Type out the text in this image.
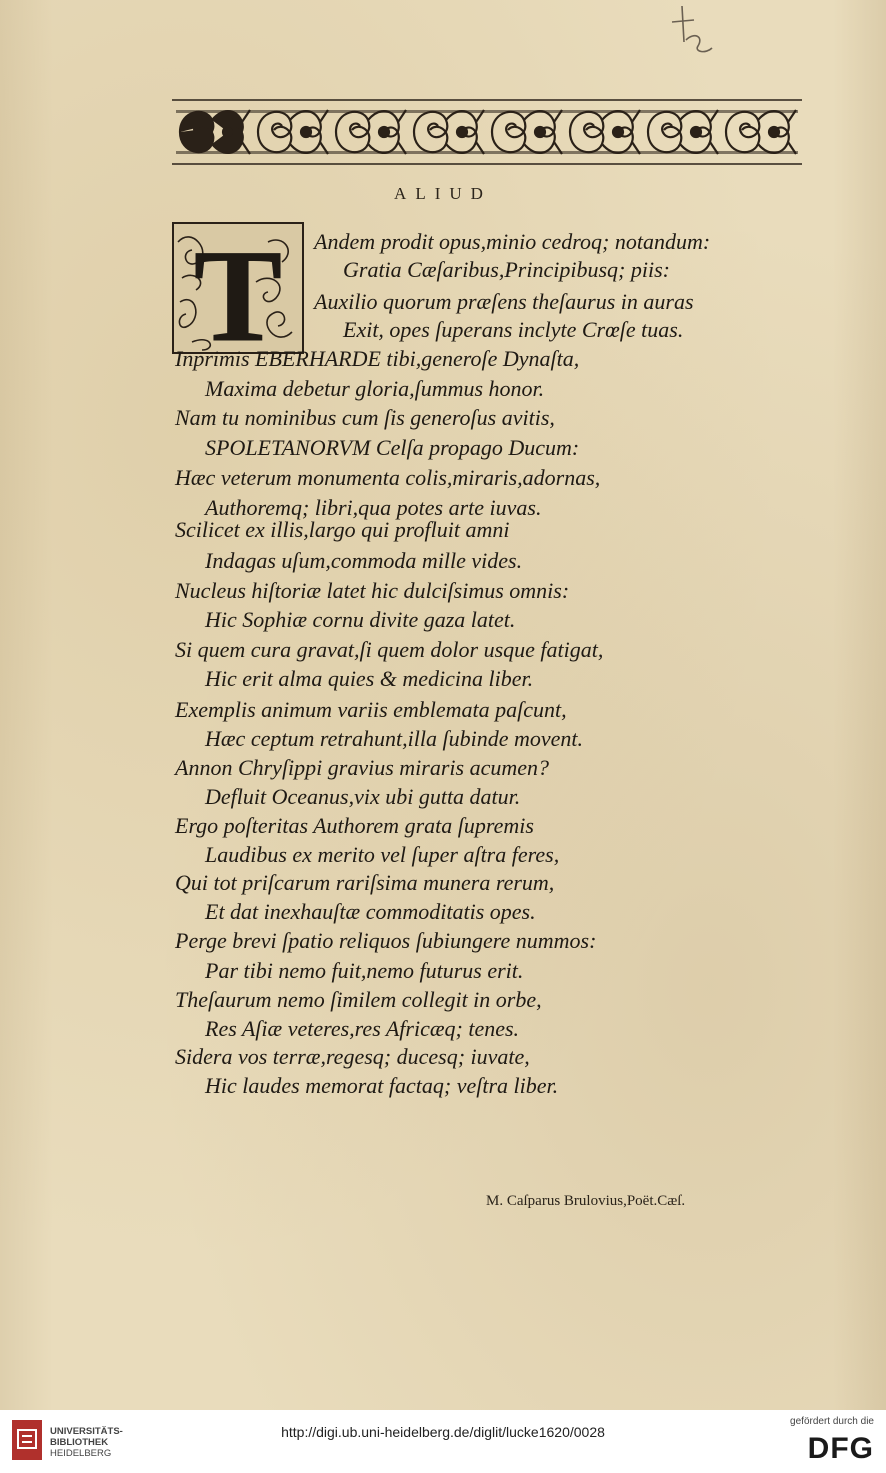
ALIUD
T Andem prodit opus,minio cedroq; notandum:
Gratia Cæſaribus,Principibusq; piis:
Auxilio quorum præſens theſaurus in auras
Exit, opes ſuperans inclyte Crœſe tuas.
Inprimis EBERHARDE tibi,generoſe Dynaſta,
Maxima debetur gloria,ſummus honor.
Nam tu nominibus cum ſis generoſus avitis,
SPOLETANORVM Celſa propago Ducum:
Hæc veterum monumenta colis,miraris,adornas,
Authoremq; libri,qua potes arte iuvas.
Scilicet ex illis,largo qui profluit amni
Indagas uſum,commoda mille vides.
Nucleus hiſtoriæ latet hic dulciſsimus omnis:
Hic Sophiæ cornu divite gaza latet.
Si quem cura gravat,ſi quem dolor usque fatigat,
Hic erit alma quies & medicina liber.
Exemplis animum variis emblemata paſcunt,
Hæc ceptum retrahunt,illa ſubinde movent.
Annon Chryſippi gravius miraris acumen?
Defluit Oceanus,vix ubi gutta datur.
Ergo poſteritas Authorem grata ſupremis
Laudibus ex merito vel ſuper aſtra feres,
Qui tot priſcarum rariſsima munera rerum,
Et dat inexhauſtæ commoditatis opes.
Perge brevi ſpatio reliquos ſubiungere nummos:
Par tibi nemo fuit,nemo futurus erit.
Theſaurum nemo ſimilem collegit in orbe,
Res Aſiæ veteres,res Africæq; tenes.
Sidera vos terræ,regesq; ducesq; iuvate,
Hic laudes memorat factaq; veſtra liber.
M. Caſparus Brulovius,Poët.Cæſ.
UNIVERSITÄTS-
BIBLIOTHEK
HEIDELBERG
http://digi.ub.uni-heidelberg.de/diglit/lucke1620/0028
gefördert durch die
DFG
